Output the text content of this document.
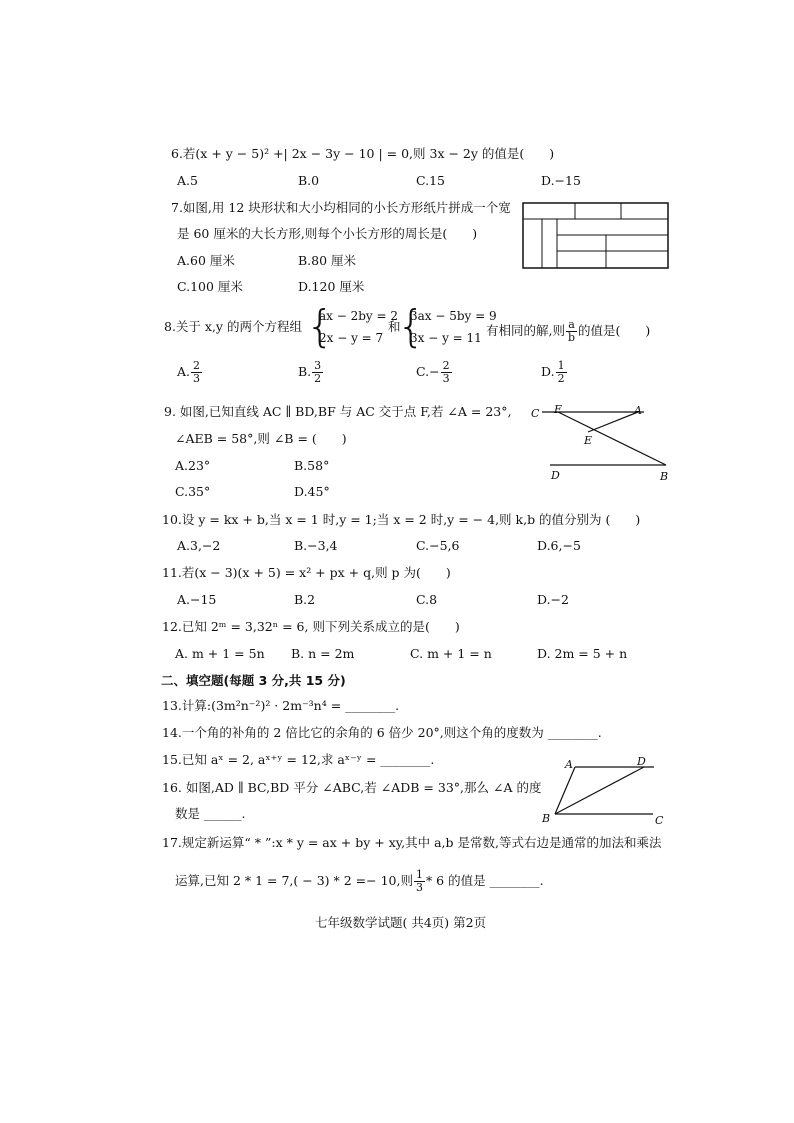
6.若(x + y − 5)² +| 2x − 3y − 10 | = 0,则 3x − 2y 的值是(　　)
A.5	B.0	C.15	D.−15
7.如图,用 12 块形状和大小均相同的小长方形纸片拼成一个宽
是 60 厘米的大长方形,则每个小长方形的周长是(　　)
A.60 厘米	B.80 厘米
C.100 厘米	D.120 厘米
8.关于 x,y 的两个方程组 {
ax − 2by = 2
2x − y = 7
和
{
3ax − 5by = 9
3x − y = 11 有相同的解,则 $\frac{a}{b}$ 的值是(　　)
A. $\frac{2}{3}$	B. $\frac{3}{2}$	$C.- \frac{2}{3}$	D. $\frac{1}{2}$
9. 如图,已知直线 AC ∥ BD,BF 与 AC 交于点 F,若 ∠A = 23°,
∠AEB = 58°,则 ∠B = (　　)
A.23°	B.58°
C.35°	D.45°
C F	A
E
D	B
10.设 y = kx + b,当 x = 1 时,y = 1;当 x = 2 时,y = − 4,则 k,b 的值分别为 (　　)
A.3,−2	B.−3,4	C.−5,6	D.6,−5
11.若(x − 3)(x + 5) = x² + px + q,则 p 为(　　)
A.−15	B.2	C.8	D.−2
12.已知 2ᵐ = 3,32ⁿ = 6, 则下列关系成立的是(　　)
A. m + 1 = 5n B. n = 2m	C. m + 1 = n	D. 2m = 5 + n
二、填空题(每题 3 分,共 15 分)
13.计算:(3m²n⁻²)² · 2m⁻³n⁴ = ________.
14.一个角的补角的 2 倍比它的余角的 6 倍少 20°,则这个角的度数为 ________.
15.已知 aˣ = 2, aˣ⁺ʸ = 12,求 aˣ⁻ʸ = ________.
16. 如图,AD ∥ BC,BD 平分 ∠ABC,若 ∠ADB = 33°,那么 ∠A 的度
数是 ______.
A	D
B	C
17.规定新运算“ * ”:x * y = ax + by + xy,其中 a,b 是常数,等式右边是通常的加法和乘法
运算,已知 2 * 1 = 7,( − 3) * 2 =− 10,则 $\frac{1}{3} * 6$ 的值是 ________.
七年级数学试题( 共4页) 第2页
